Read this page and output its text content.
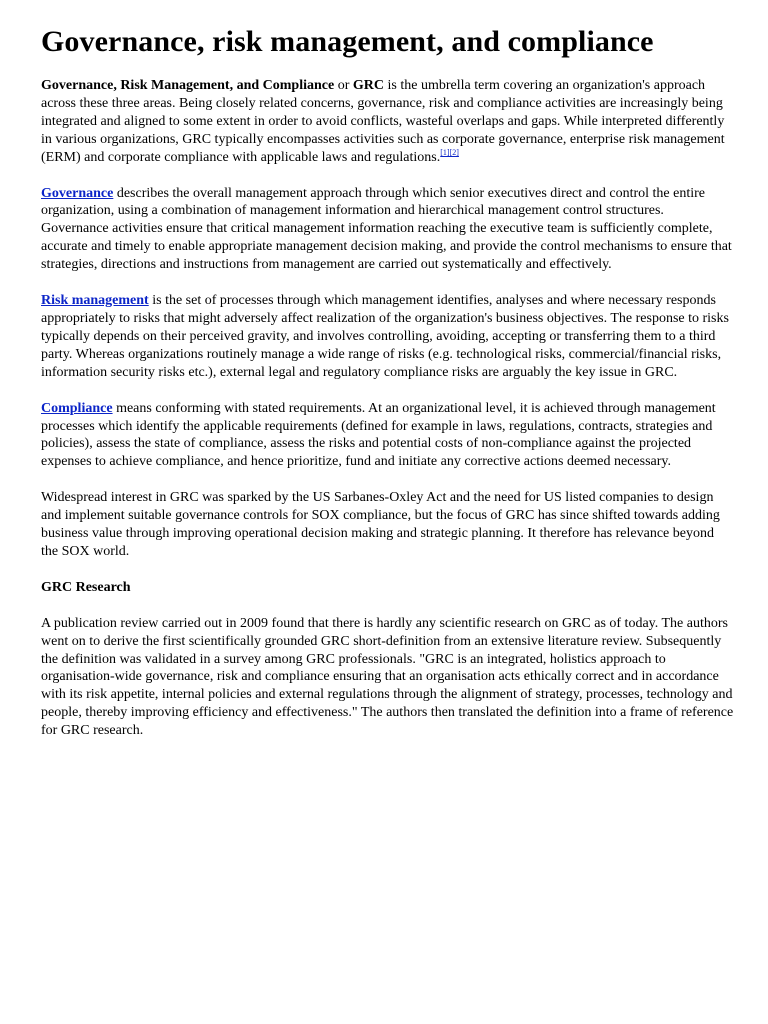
Governance, risk management, and compliance

Governance, Risk Management, and Compliance or GRC is the umbrella term covering an organization's approach across these three areas. Being closely related concerns, governance, risk and compliance activities are increasingly being integrated and aligned to some extent in order to avoid conflicts, wasteful overlaps and gaps. While interpreted differently in various organizations, GRC typically encompasses activities such as corporate governance, enterprise risk management (ERM) and corporate compliance with applicable laws and regulations.[1][2]

Governance describes the overall management approach through which senior executives direct and control the entire organization, using a combination of management information and hierarchical management control structures. Governance activities ensure that critical management information reaching the executive team is sufficiently complete, accurate and timely to enable appropriate management decision making, and provide the control mechanisms to ensure that strategies, directions and instructions from management are carried out systematically and effectively.

Risk management is the set of processes through which management identifies, analyses and where necessary responds appropriately to risks that might adversely affect realization of the organization's business objectives. The response to risks typically depends on their perceived gravity, and involves controlling, avoiding, accepting or transferring them to a third party. Whereas organizations routinely manage a wide range of risks (e.g. technological risks, commercial/financial risks, information security risks etc.), external legal and regulatory compliance risks are arguably the key issue in GRC.

Compliance means conforming with stated requirements. At an organizational level, it is achieved through management processes which identify the applicable requirements (defined for example in laws, regulations, contracts, strategies and policies), assess the state of compliance, assess the risks and potential costs of non-compliance against the projected expenses to achieve compliance, and hence prioritize, fund and initiate any corrective actions deemed necessary.

Widespread interest in GRC was sparked by the US Sarbanes-Oxley Act and the need for US listed companies to design and implement suitable governance controls for SOX compliance, but the focus of GRC has since shifted towards adding business value through improving operational decision making and strategic planning. It therefore has relevance beyond the SOX world.

GRC Research

A publication review carried out in 2009 found that there is hardly any scientific research on GRC as of today. The authors went on to derive the first scientifically grounded GRC short-definition from an extensive literature review. Subsequently the definition was validated in a survey among GRC professionals. "GRC is an integrated, holistics approach to organisation-wide governance, risk and compliance ensuring that an organisation acts ethically correct and in accordance with its risk appetite, internal policies and external regulations through the alignment of strategy, processes, technology and people, thereby improving efficiency and effectiveness." The authors then translated the definition into a frame of reference for GRC research.
